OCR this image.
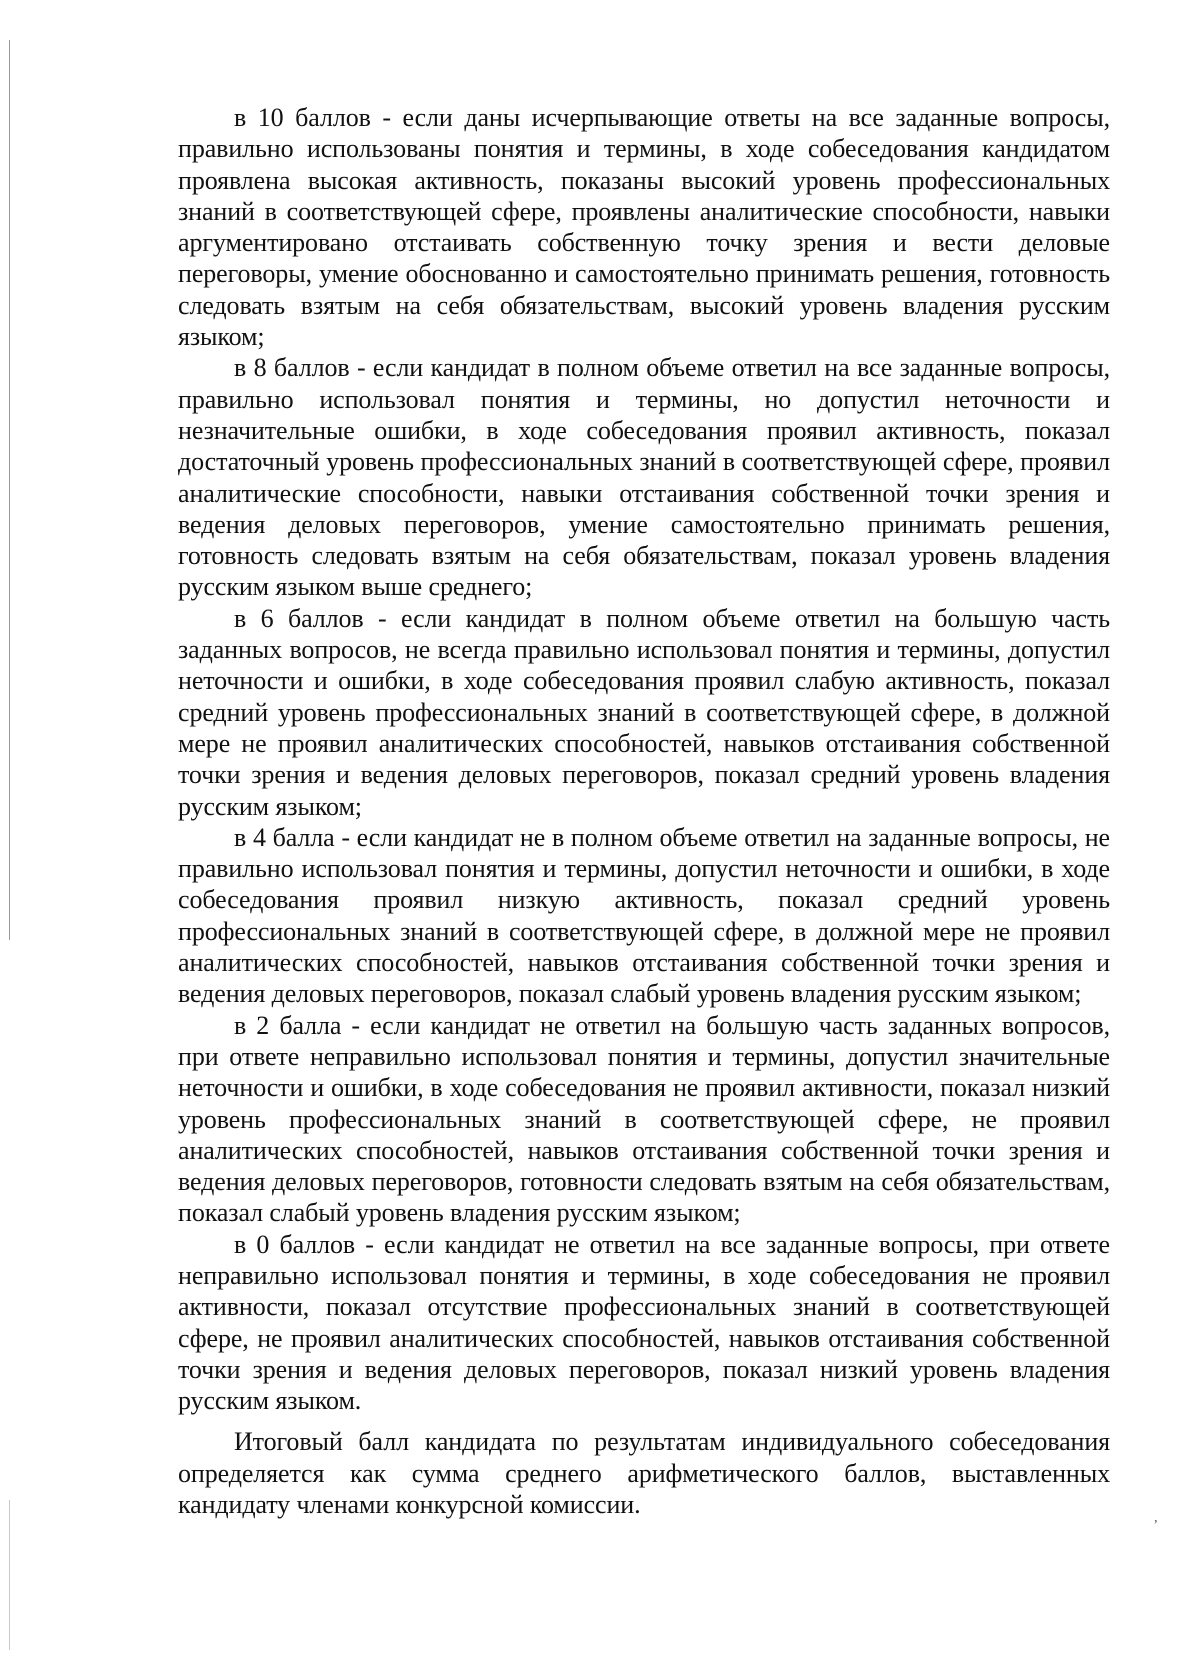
’

в 10 баллов - если даны исчерпывающие ответы на все заданные вопросы, правильно использованы понятия и термины, в ходе собеседования кандидатом проявлена высокая активность, показаны высокий уровень профессиональных знаний в соответствующей сфере, проявлены аналитические способности, навыки аргументировано отстаивать собственную точку зрения и вести деловые переговоры, умение обоснованно и самостоятельно принимать решения, готовность следовать взятым на себя обязательствам, высокий уровень владения русским языком;

в 8 баллов - если кандидат в полном объеме ответил на все заданные вопросы, правильно использовал понятия и термины, но допустил неточности и незначительные ошибки, в ходе собеседования проявил активность, показал достаточный уровень профессиональных знаний в соответствующей сфере, проявил аналитические способности, навыки отстаивания собственной точки зрения и ведения деловых переговоров, умение самостоятельно принимать решения, готовность следовать взятым на себя обязательствам, показал уровень владения русским языком выше среднего;

в 6 баллов - если кандидат в полном объеме ответил на большую часть заданных вопросов, не всегда правильно использовал понятия и термины, допустил неточности и ошибки, в ходе собеседования проявил слабую активность, показал средний уровень профессиональных знаний в соответствующей сфере, в должной мере не проявил аналитических способностей, навыков отстаивания собственной точки зрения и ведения деловых переговоров, показал средний уровень владения русским языком;

в 4 балла - если кандидат не в полном объеме ответил на заданные вопросы, не правильно использовал понятия и термины, допустил неточности и ошибки, в ходе собеседования проявил низкую активность, показал средний уровень профессиональных знаний в соответствующей сфере, в должной мере не проявил аналитических способностей, навыков отстаивания собственной точки зрения и ведения деловых переговоров, показал слабый уровень владения русским языком;

в 2 балла - если кандидат не ответил на большую часть заданных вопросов, при ответе неправильно использовал понятия и термины, допустил значительные неточности и ошибки, в ходе собеседования не проявил активности, показал низкий уровень профессиональных знаний в соответствующей сфере, не проявил аналитических способностей, навыков отстаивания собственной точки зрения и ведения деловых переговоров, готовности следовать взятым на себя обязательствам, показал слабый уровень владения русским языком;

в 0 баллов - если кандидат не ответил на все заданные вопросы, при ответе неправильно использовал понятия и термины, в ходе собеседования не проявил активности, показал отсутствие профессиональных знаний в соответствующей сфере, не проявил аналитических способностей, навыков отстаивания собственной точки зрения и ведения деловых переговоров, показал низкий уровень владения русским языком.

Итоговый балл кандидата по результатам индивидуального собеседования определяется как сумма среднего арифметического баллов, выставленных кандидату членами конкурсной комиссии.
